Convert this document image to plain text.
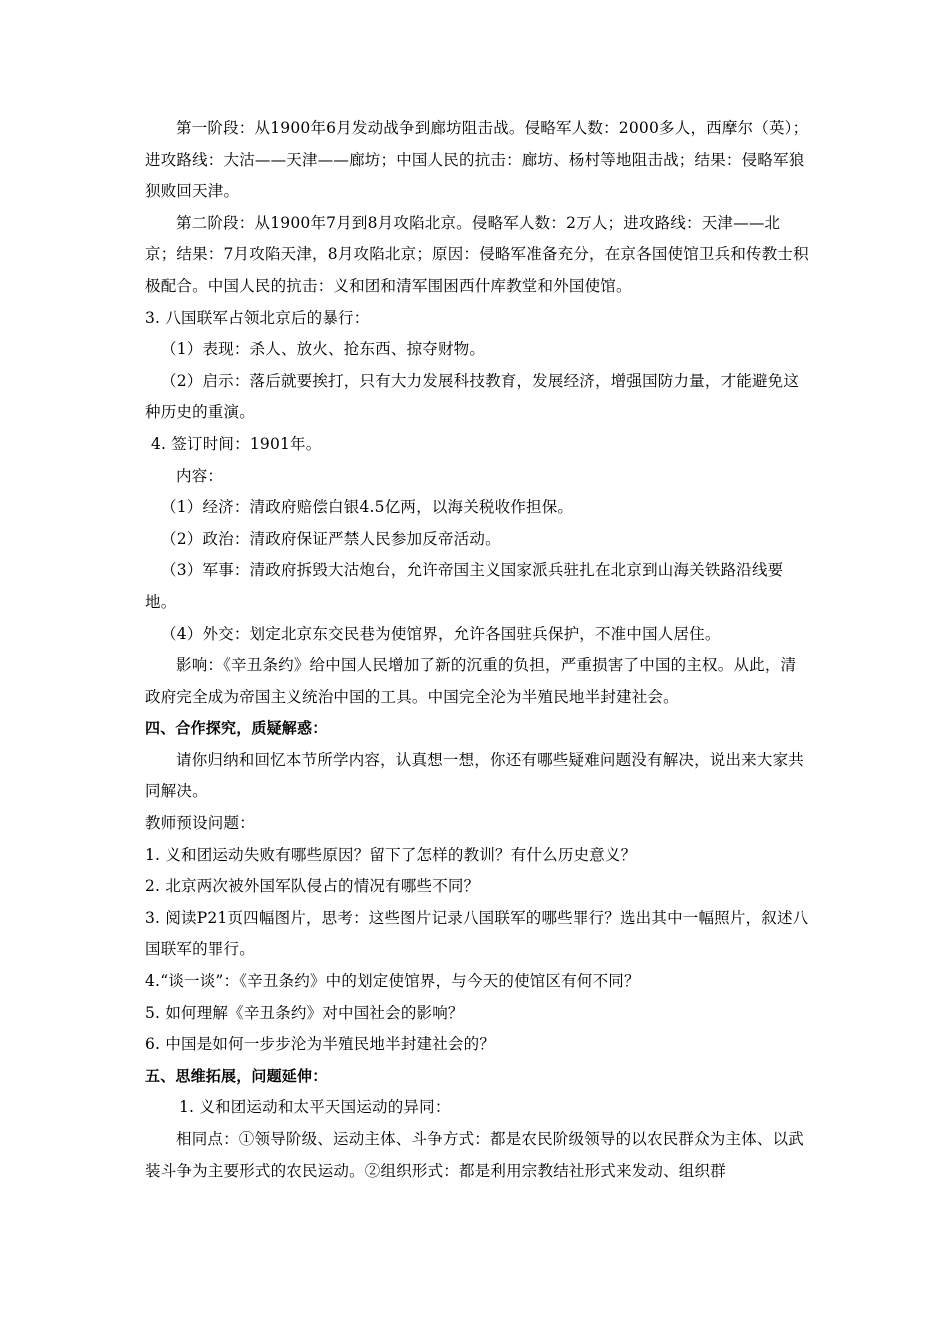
第一阶段：从1900年6月发动战争到廊坊阻击战。侵略军人数：2000多人，西摩尔（英）；进攻路线：大沽——天津——廊坊；中国人民的抗击：廊坊、杨村等地阻击战；结果：侵略军狼狈败回天津。

第二阶段：从1900年7月到8月攻陷北京。侵略军人数：2万人；进攻路线：天津——北京；结果：7月攻陷天津，8月攻陷北京；原因：侵略军准备充分，在京各国使馆卫兵和传教士积极配合。中国人民的抗击：义和团和清军围困西什库教堂和外国使馆。

3. 八国联军占领北京后的暴行：

（1）表现：杀人、放火、抢东西、掠夺财物。

（2）启示：落后就要挨打，只有大力发展科技教育，发展经济，增强国防力量，才能避免这种历史的重演。

4. 签订时间：1901年。

内容：

（1）经济：清政府赔偿白银4.5亿两，以海关税收作担保。

（2）政治：清政府保证严禁人民参加反帝活动。

（3）军事：清政府拆毁大沽炮台，允许帝国主义国家派兵驻扎在北京到山海关铁路沿线要地。

（4）外交：划定北京东交民巷为使馆界，允许各国驻兵保护，不准中国人居住。

影响：《辛丑条约》给中国人民增加了新的沉重的负担，严重损害了中国的主权。从此，清政府完全成为帝国主义统治中国的工具。中国完全沦为半殖民地半封建社会。

四、合作探究，质疑解惑：

请你归纳和回忆本节所学内容，认真想一想，你还有哪些疑难问题没有解决，说出来大家共同解决。

教师预设问题：

1. 义和团运动失败有哪些原因？留下了怎样的教训？有什么历史意义？

2. 北京两次被外国军队侵占的情况有哪些不同？

3. 阅读P21页四幅图片，思考：这些图片记录八国联军的哪些罪行？选出其中一幅照片，叙述八国联军的罪行。

4.“谈一谈”：《辛丑条约》中的划定使馆界，与今天的使馆区有何不同？

5. 如何理解《辛丑条约》对中国社会的影响？

6. 中国是如何一步步沦为半殖民地半封建社会的？

五、思维拓展，问题延伸：

1. 义和团运动和太平天国运动的异同：

相同点：①领导阶级、运动主体、斗争方式：都是农民阶级领导的以农民群众为主体、以武装斗争为主要形式的农民运动。②组织形式：都是利用宗教结社形式来发动、组织群
